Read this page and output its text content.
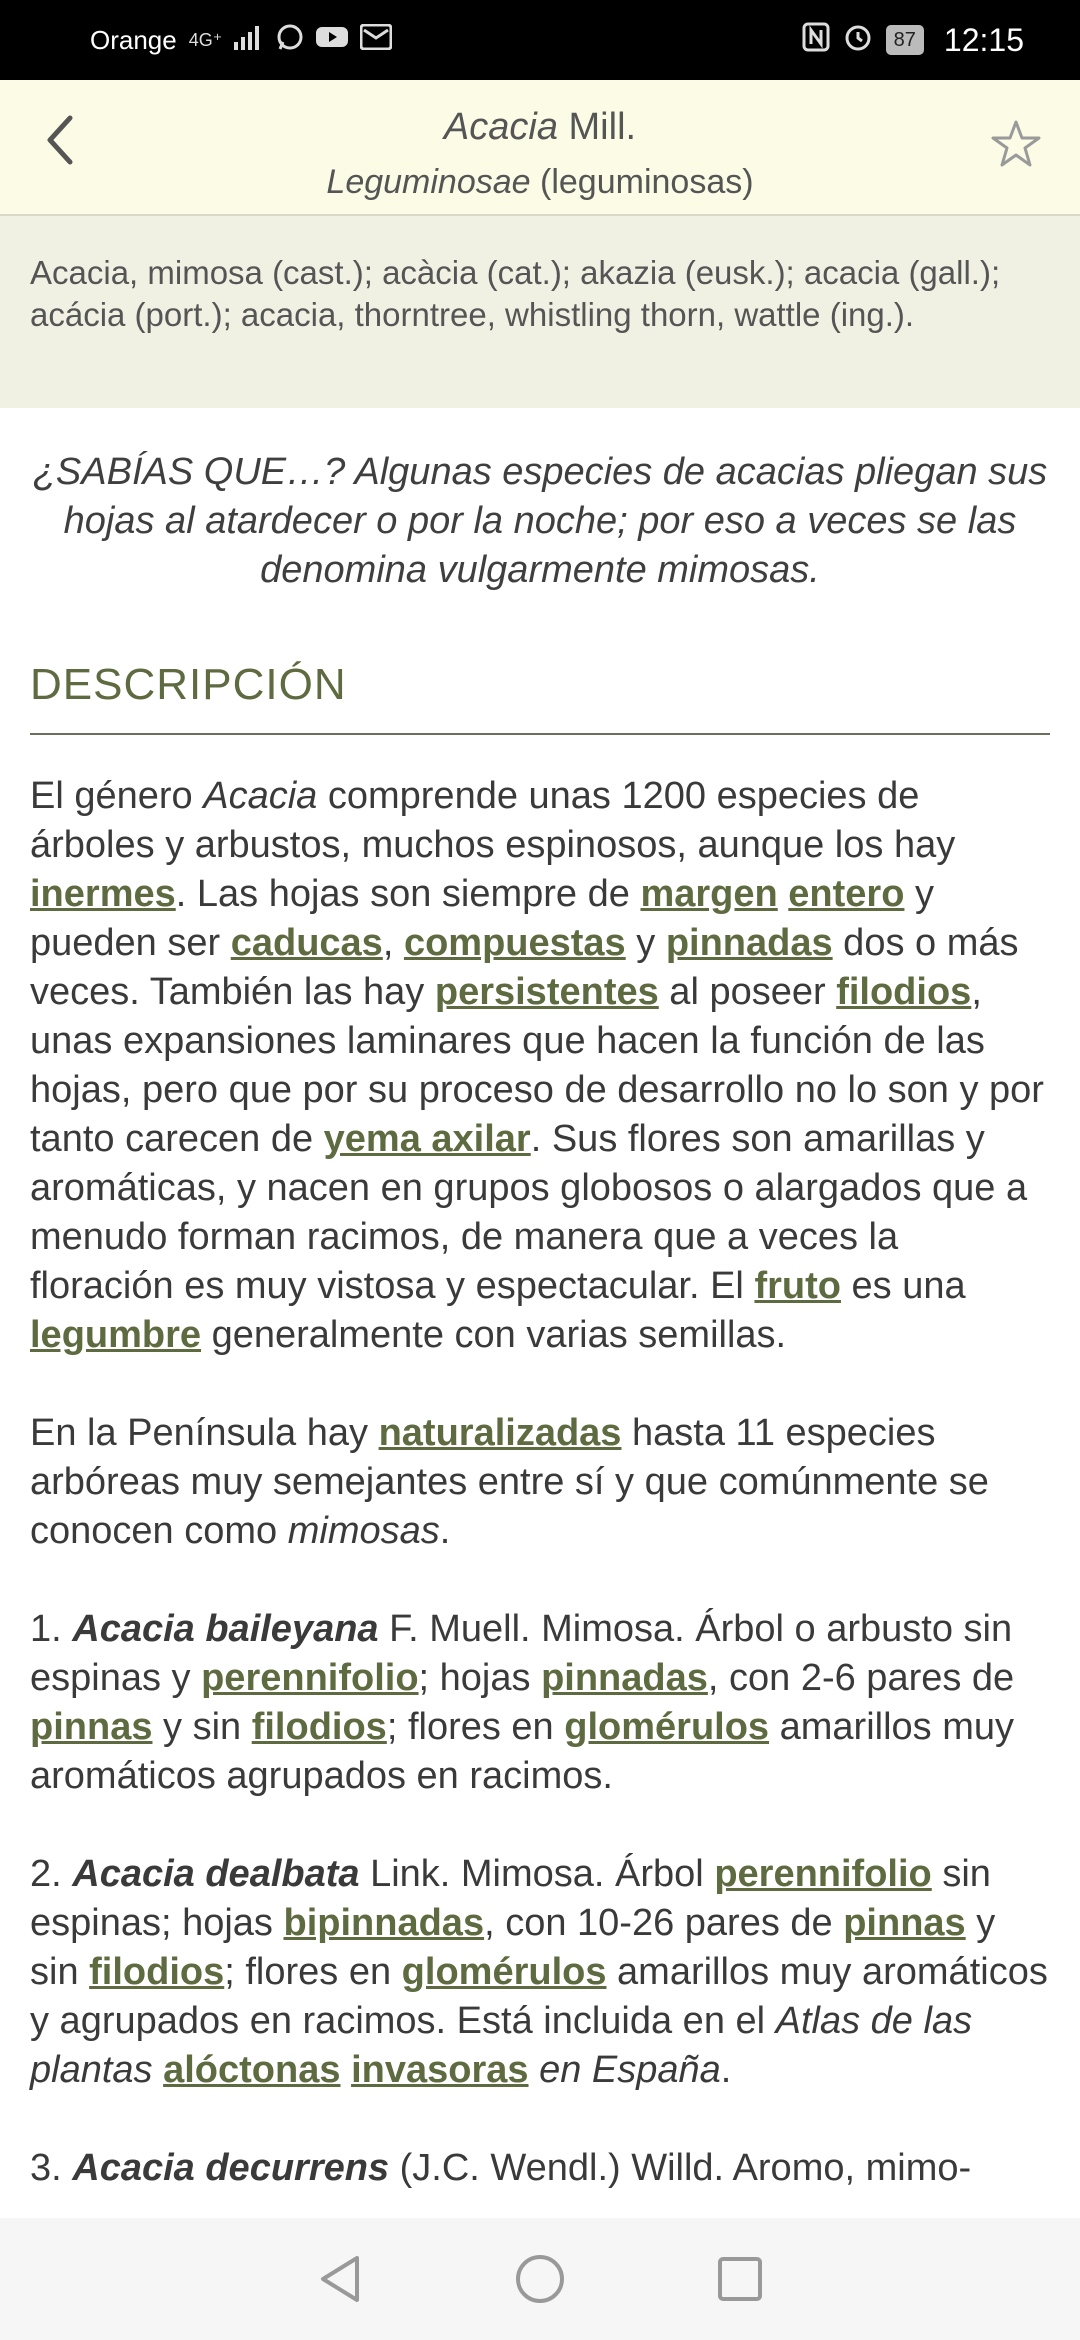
Orange 4G⁺	87 12:15
Acacia Mill.
Leguminosae (leguminosas)
Acacia, mimosa (cast.); acàcia (cat.); akazia (eusk.); acacia (gall.); acácia (port.); acacia, thorntree, whistling thorn, wattle (ing.).
¿SABÍAS QUE…? Algunas especies de acacias pliegan sus hojas al atardecer o por la noche; por eso a veces se las denomina vulgarmente mimosas.
DESCRIPCIÓN

El género Acacia comprende unas 1200 especies de árboles y arbustos, muchos espinosos, aunque los hay inermes. Las hojas son siempre de margen entero y pueden ser caducas, compuestas y pinnadas dos o más veces. También las hay persistentes al poseer filodios, unas expansiones laminares que hacen la función de las hojas, pero que por su proceso de desarrollo no lo son y por tanto carecen de yema axilar. Sus flores son amarillas y aromáticas, y nacen en grupos globosos o alargados que a menudo forman racimos, de manera que a veces la floración es muy vistosa y espectacular. El fruto es una legumbre generalmente con varias semillas.

En la Península hay naturalizadas hasta 11 especies arbóreas muy semejantes entre sí y que comúnmente se conocen como mimosas.

1. Acacia baileyana F. Muell. Mimosa. Árbol o arbusto sin espinas y perennifolio; hojas pinnadas, con 2-6 pares de pinnas y sin filodios; flores en glomérulos amarillos muy aromáticos agrupados en racimos.

2. Acacia dealbata Link. Mimosa. Árbol perennifolio sin espinas; hojas bipinnadas, con 10-26 pares de pinnas y sin filodios; flores en glomérulos amarillos muy aromáticos y agrupados en racimos. Está incluida en el Atlas de las plantas alóctonas invasoras en España.

3. Acacia decurrens (J.C. Wendl.) Willd. Aromo, mimo-
